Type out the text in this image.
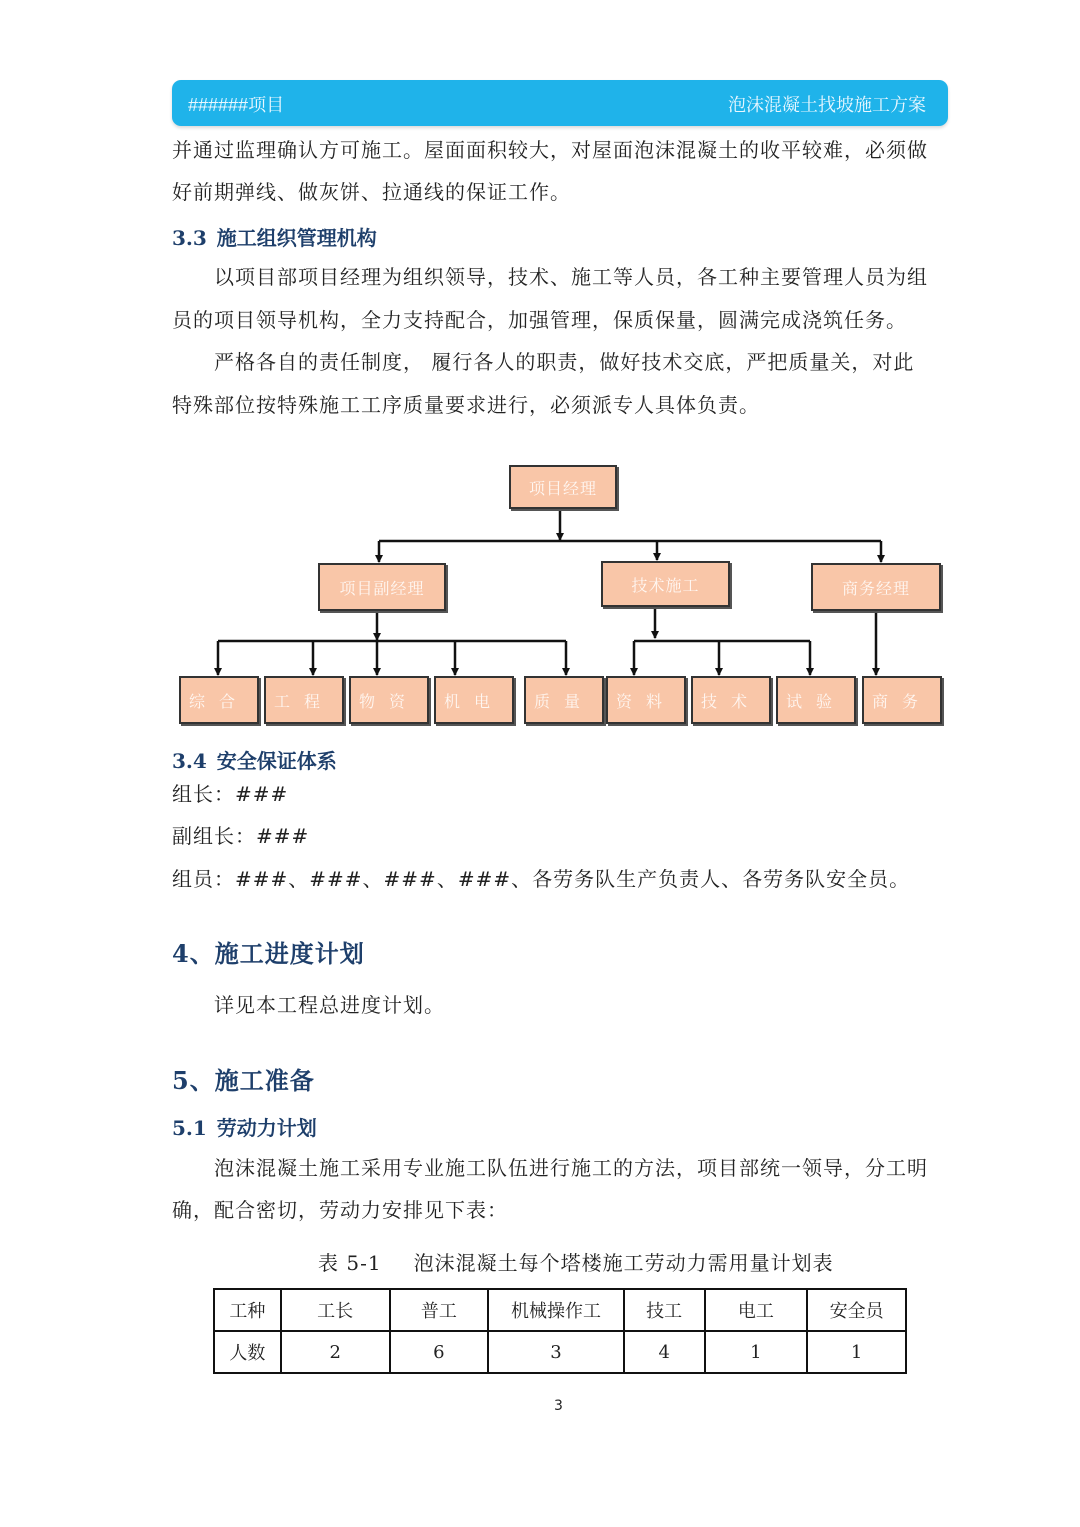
######项目	泡沫混凝土找坡施工方案
并通过监理确认方可施工。屋面面积较大，对屋面泡沫混凝土的收平较难，必须做
好前期弹线、做灰饼、拉通线的保证工作。
3.3 施工组织管理机构
以项目部项目经理为组织领导，技术、施工等人员，各工种主要管理人员为组
员的项目领导机构，全力支持配合，加强管理，保质保量，圆满完成浇筑任务。
严格各自的责任制度， 履行各人的职责，做好技术交底，严把质量关，对此
特殊部位按特殊施工工序质量要求进行，必须派专人具体负责。
项目经理
项目副经理	技术施工	商务经理
综合	工程	物资	机电	质量	资料	技术	试验	商务
3.4 安全保证体系
组长：###
副组长：###
组员：###、###、###、###、各劳务队生产负责人、各劳务队安全员。
4、施工进度计划
详见本工程总进度计划。
5、施工准备
5.1 劳动力计划
泡沫混凝土施工采用专业施工队伍进行施工的方法，项目部统一领导，分工明
确，配合密切，劳动力安排见下表：
表 5-1 泡沫混凝土每个塔楼施工劳动力需用量计划表
工种	工长	普工	机械操作工	技工	电工	安全员
人数	2	6	3	4	1	1
3
